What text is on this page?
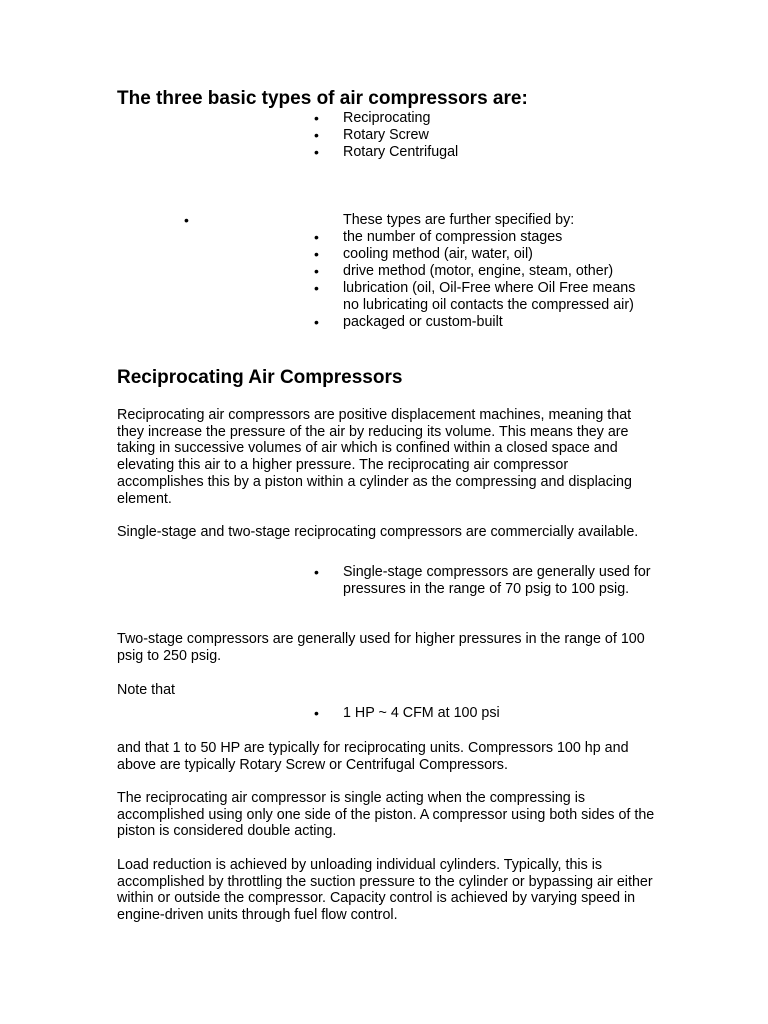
The three basic types of air compressors are:
• Reciprocating
• Rotary Screw
• Rotary Centrifugal
•	These types are further specified by:
• the number of compression stages
• cooling method (air, water, oil)
• drive method (motor, engine, steam, other)
• lubrication (oil, Oil-Free where Oil Free means no lubricating oil contacts the compressed air)
• packaged or custom-built
Reciprocating Air Compressors

Reciprocating air compressors are positive displacement machines, meaning that they increase the pressure of the air by reducing its volume. This means they are taking in successive volumes of air which is confined within a closed space and elevating this air to a higher pressure. The reciprocating air compressor accomplishes this by a piston within a cylinder as the compressing and displacing element.

Single-stage and two-stage reciprocating compressors are commercially available.

• Single-stage compressors are generally used for pressures in the range of 70 psig to 100 psig.

Two-stage compressors are generally used for higher pressures in the range of 100 psig to 250 psig.

Note that

• 1 HP ~ 4 CFM at 100 psi

and that 1 to 50 HP are typically for reciprocating units. Compressors 100 hp and above are typically Rotary Screw or Centrifugal Compressors.

The reciprocating air compressor is single acting when the compressing is accomplished using only one side of the piston. A compressor using both sides of the piston is considered double acting.

Load reduction is achieved by unloading individual cylinders. Typically, this is accomplished by throttling the suction pressure to the cylinder or bypassing air either within or outside the compressor. Capacity control is achieved by varying speed in engine-driven units through fuel flow control.
